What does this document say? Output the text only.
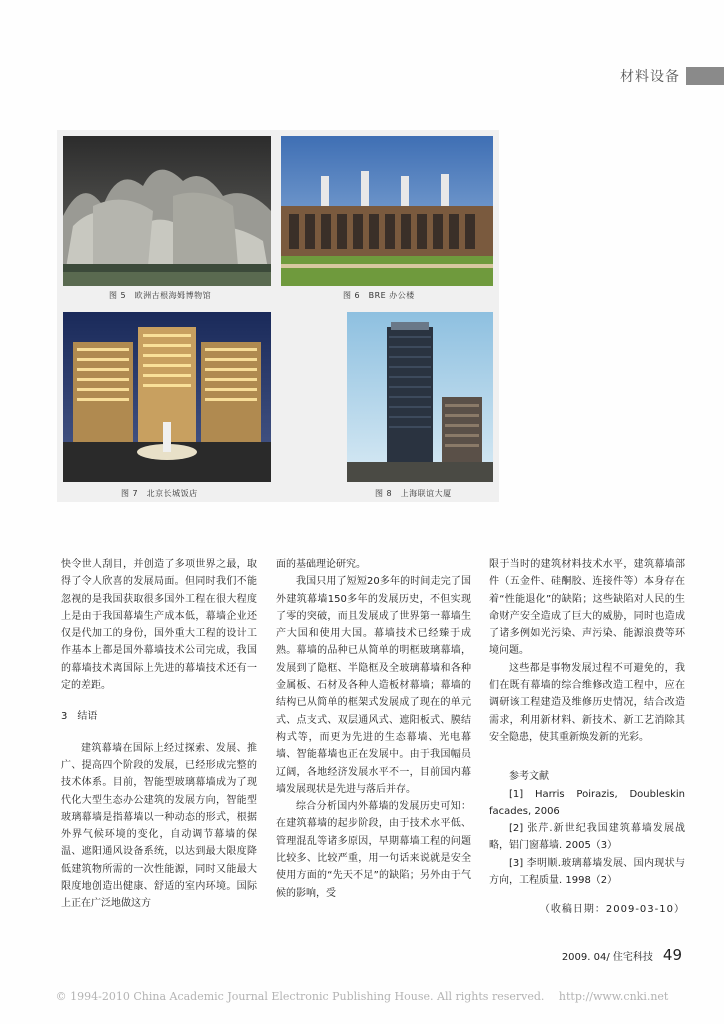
材料设备
图 5　欧洲古根海姆博物馆	图 6　BRE 办公楼
图 7　北京长城饭店	图 8　上海联谊大厦

快令世人刮目，并创造了多项世界之最，取得了令人欣喜的发展局面。但同时我们不能忽视的是我国获取很多国外工程在很大程度上是由于我国幕墙生产成本低，幕墙企业还仅是代加工的身份，国外重大工程的设计工作基本上都是国外幕墙技术公司完成，我国的幕墙技术离国际上先进的幕墙技术还有一定的差距。

3　结语

建筑幕墙在国际上经过探索、发展、推广、提高四个阶段的发展，已经形成完整的技术体系。目前，智能型玻璃幕墙成为了现代化大型生态办公建筑的发展方向，智能型玻璃幕墙是指幕墙以一种动态的形式，根据外界气候环境的变化，自动调节幕墙的保温、遮阳通风设备系统，以达到最大限度降低建筑物所需的一次性能源，同时又能最大限度地创造出健康、舒适的室内环境。国际上正在广泛地做这方

面的基础理论研究。

我国只用了短短20多年的时间走完了国外建筑幕墙150多年的发展历史，不但实现了零的突破，而且发展成了世界第一幕墙生产大国和使用大国。幕墙技术已经臻于成熟。幕墙的品种已从简单的明框玻璃幕墙，发展到了隐框、半隐框及全玻璃幕墙和各种金属板、石材及各种人造板材幕墙；幕墙的结构已从简单的框架式发展成了现在的单元式、点支式、双层通风式、遮阳板式、膜结构式等，而更为先进的生态幕墙、光电幕墙、智能幕墙也正在发展中。由于我国幅员辽阔，各地经济发展水平不一，目前国内幕墙发展现状是先进与落后并存。

综合分析国内外幕墙的发展历史可知：在建筑幕墙的起步阶段，由于技术水平低、管理混乱等诸多原因，早期幕墙工程的问题比较多、比较严重，用一句话来说就是安全使用方面的“先天不足”的缺陷；另外由于气候的影响，受

限于当时的建筑材料技术水平，建筑幕墙部件（五金件、硅酮胶、连接件等）本身存在着“性能退化”的缺陷；这些缺陷对人民的生命财产安全造成了巨大的威胁，同时也造成了诸多例如光污染、声污染、能源浪费等环境问题。

这些都是事物发展过程不可避免的，我们在既有幕墙的综合维修改造工程中，应在调研该工程建造及维修历史情况，结合改造需求，利用新材料、新技术、新工艺消除其安全隐患，使其重新焕发新的光彩。

参考文献

[1] Harris Poirazis, Doubleskin facades, 2006

[2] 张芹.新世纪我国建筑幕墙发展战略，铝门窗幕墙. 2005（3）

[3] 李明顺.玻璃幕墙发展、国内现状与方向，工程质量. 1998（2）

（收稿日期：2009-03-10）

2009. 04/ 住宅科技 49
© 1994-2010 China Academic Journal Electronic Publishing House. All rights reserved.　 http://www.cnki.net
